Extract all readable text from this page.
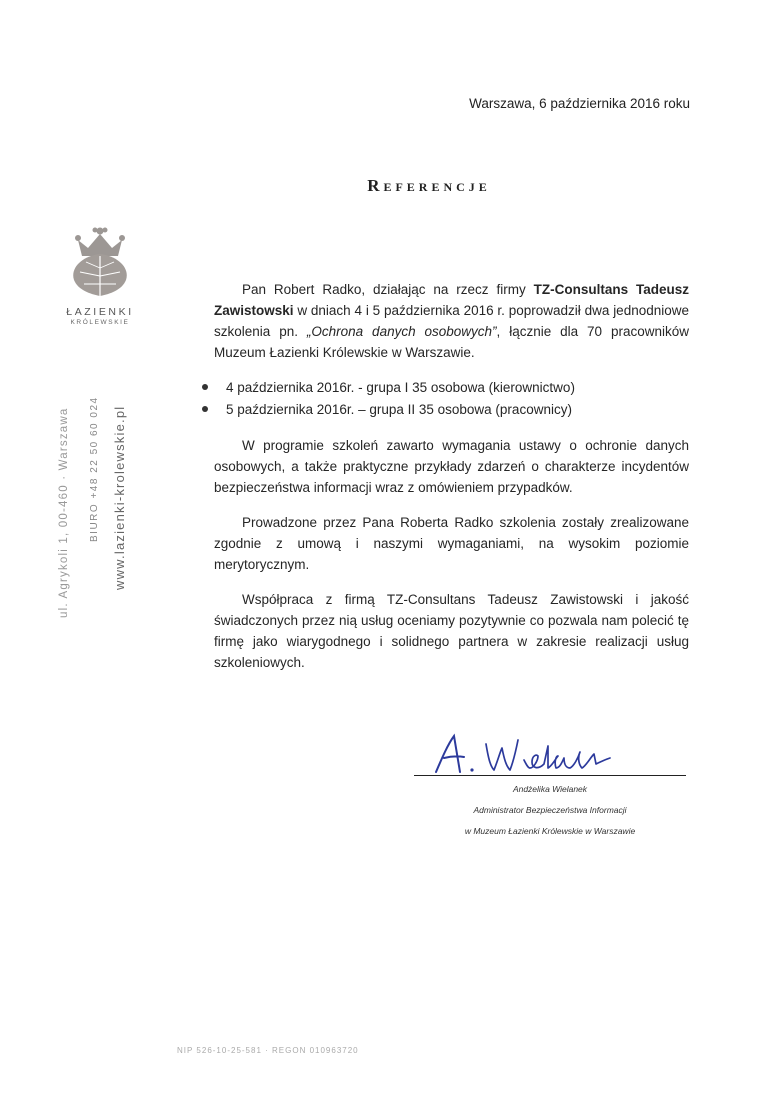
Warszawa, 6 października 2016 roku
Referencje
ŁAZIENKI
KRÓLEWSKIE
ul. Agrykoli 1, 00-460 · Warszawa BIURO +48 22 50 60 024 www.lazienki-krolewskie.pl

Pan Robert Radko, działając na rzecz firmy TZ-Consultans Tadeusz Zawistowski w dniach 4 i 5 października 2016 r. poprowadził dwa jednodniowe szkolenia pn. „Ochrona danych osobowych”, łącznie dla 70 pracowników Muzeum Łazienki Królewskie w Warszawie.

4 października 2016r. - grupa I 35 osobowa (kierownictwo)
5 października 2016r. – grupa II 35 osobowa (pracownicy)

W programie szkoleń zawarto wymagania ustawy o ochronie danych osobowych, a także praktyczne przykłady zdarzeń o charakterze incydentów bezpieczeństwa informacji wraz z omówieniem przypadków.

Prowadzone przez Pana Roberta Radko szkolenia zostały zrealizowane zgodnie z umową i naszymi wymaganiami, na wysokim poziomie merytorycznym.

Współpraca z firmą TZ-Consultans Tadeusz Zawistowski i jakość świadczonych przez nią usług oceniamy pozytywnie co pozwala nam polecić tę firmę jako wiarygodnego i solidnego partnera w zakresie realizacji usług szkoleniowych.

Andżelika Wielanek
Administrator Bezpieczeństwa Informacji
w Muzeum Łazienki Królewskie w Warszawie
NIP 526-10-25-581 · REGON 010963720
